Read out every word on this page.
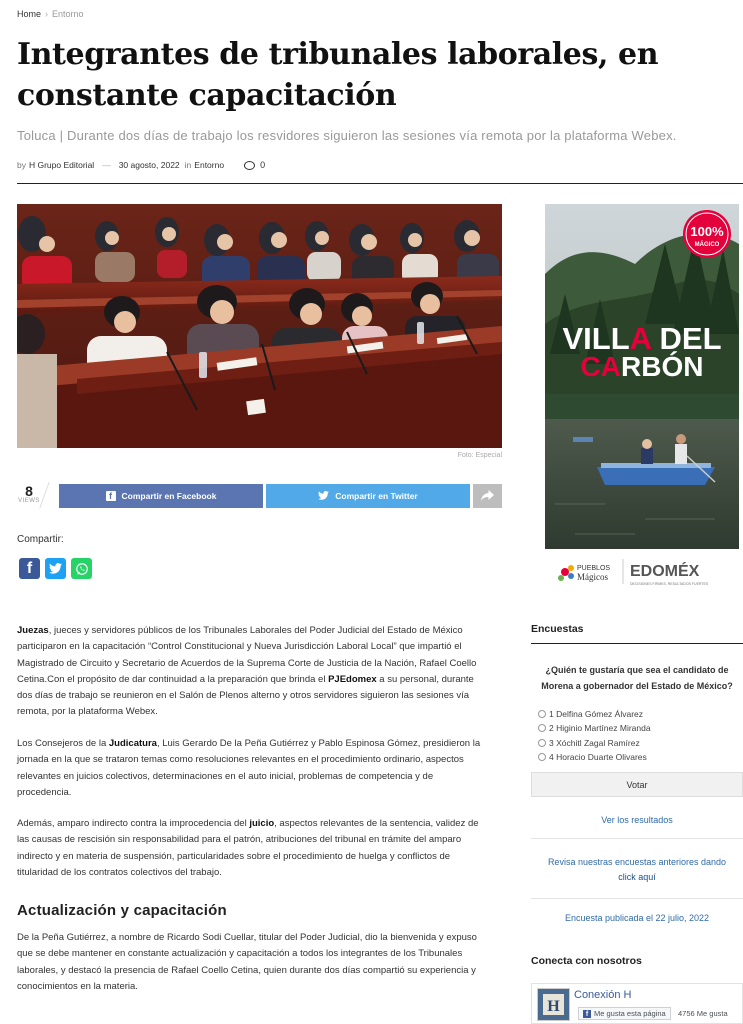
Home › Entorno
Integrantes de tribunales laborales, en constante capacitación
Toluca | Durante dos días de trabajo los resvidores siguieron las sesiones vía remota por la plataforma Webex.
by H Grupo Editorial — 30 agosto, 2022 in Entorno	0
Foto: Especial
8
VIEWS	f	Compartir en Facebook	Compartir en Twitter
Compartir:
f

Juezas, jueces y servidores públicos de los Tribunales Laborales del Poder Judicial del Estado de México participaron en la capacitación “Control Constitucional y Nueva Jurisdicción Laboral Local” que impartió el Magistrado de Circuito y Secretario de Acuerdos de la Suprema Corte de Justicia de la Nación, Rafael Coello Cetina.Con el propósito de dar continuidad a la preparación que brinda el PJEdomex a su personal, durante dos días de trabajo se reunieron en el Salón de Plenos alterno y otros servidores siguieron las sesiones vía remota, por la plataforma Webex.

Los Consejeros de la Judicatura, Luis Gerardo De la Peña Gutiérrez y Pablo Espinosa Gómez, presidieron la jornada en la que se trataron temas como resoluciones relevantes en el procedimiento ordinario, aspectos relevantes en juicios colectivos, determinaciones en el auto inicial, problemas de competencia y de procedencia.

Además, amparo indirecto contra la improcedencia del juicio, aspectos relevantes de la sentencia, validez de las causas de rescisión sin responsabilidad para el patrón, atribuciones del tribunal en trámite del amparo indirecto y en materia de suspensión, particularidades sobre el procedimiento de huelga y conflictos de titularidad de los contratos colectivos del trabajo.

Actualización y capacitación

De la Peña Gutiérrez, a nombre de Ricardo Sodi Cuellar, titular del Poder Judicial, dio la bienvenida y expuso que se debe mantener en constante actualización y capacitación a todos los integrantes de los Tribunales laborales, y destacó la presencia de Rafael Coello Cetina, quien durante dos días compartió su experiencia y conocimientos en la materia.

100%
MÁGICO
VILLA DEL
CARBÓN
PUEBLOS
Mágicos EDOMÉX
DECISIONES FIRMES, RESULTADOS FUERTES
Encuestas
¿Quién te gustaría que sea el candidato de Morena a gobernador del Estado de México?
1 Delfina Gómez Álvarez
2 Higinio Martínez Miranda
3 Xóchitl Zagal Ramírez
4 Horacio Duarte Olivares
Votar
Ver los resultados
Revisa nuestras encuestas anteriores dando click aquí
Encuesta publicada el 22 julio, 2022
Conecta con nosotros
H
Conexión H
f Me gusta esta página 4756 Me gusta
